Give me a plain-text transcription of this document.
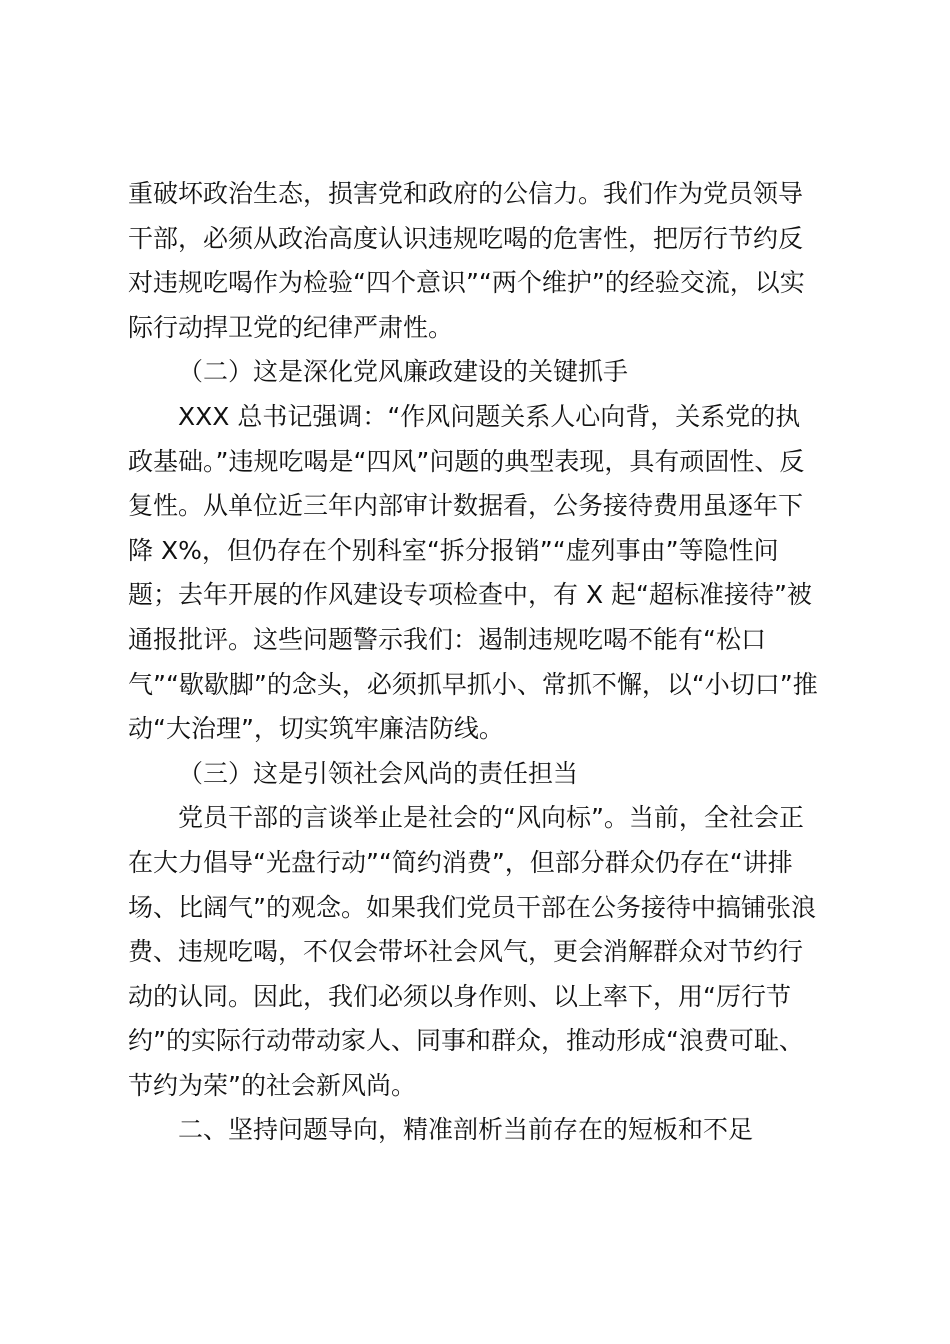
重破坏政治生态，损害党和政府的公信力。我们作为党员领导
干部，必须从政治高度认识违规吃喝的危害性，把厉行节约反
对违规吃喝作为检验“四个意识”“两个维护”的经验交流，以实
际行动捍卫党的纪律严肃性。
（二）这是深化党风廉政建设的关键抓手
XXX 总书记强调：“作风问题关系人心向背，关系党的执
政基础。”违规吃喝是“四风”问题的典型表现，具有顽固性、反
复性。从单位近三年内部审计数据看，公务接待费用虽逐年下
降 X%，但仍存在个别科室“拆分报销”“虚列事由”等隐性问
题；去年开展的作风建设专项检查中，有 X 起“超标准接待”被
通报批评。这些问题警示我们：遏制违规吃喝不能有“松口
气”“歇歇脚”的念头，必须抓早抓小、常抓不懈，以“小切口”推
动“大治理”，切实筑牢廉洁防线。
（三）这是引领社会风尚的责任担当
党员干部的言谈举止是社会的“风向标”。当前，全社会正
在大力倡导“光盘行动”“简约消费”，但部分群众仍存在“讲排
场、比阔气”的观念。如果我们党员干部在公务接待中搞铺张浪
费、违规吃喝，不仅会带坏社会风气，更会消解群众对节约行
动的认同。因此，我们必须以身作则、以上率下，用“厉行节
约”的实际行动带动家人、同事和群众，推动形成“浪费可耻、
节约为荣”的社会新风尚。
二、坚持问题导向，精准剖析当前存在的短板和不足
